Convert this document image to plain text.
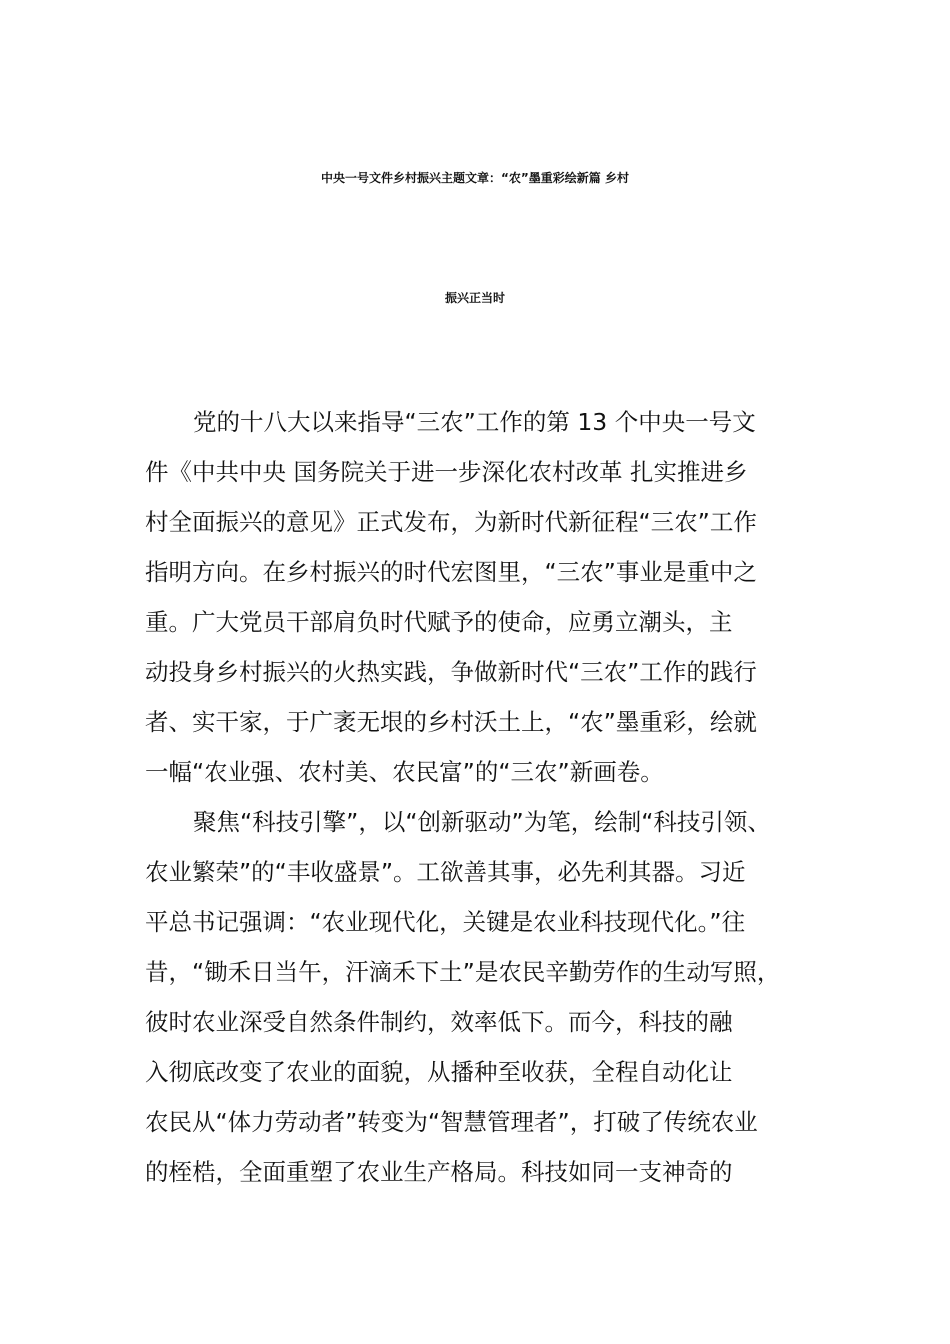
中央一号文件乡村振兴主题文章：“农”墨重彩绘新篇 乡村
振兴正当时
党的十八大以来指导“三农”工作的第 13 个中央一号文
件《中共中央 国务院关于进一步深化农村改革 扎实推进乡
村全面振兴的意见》正式发布，为新时代新征程“三农”工作
指明方向。在乡村振兴的时代宏图里，“三农”事业是重中之
重。广大党员干部肩负时代赋予的使命，应勇立潮头，主
动投身乡村振兴的火热实践，争做新时代“三农”工作的践行
者、实干家，于广袤无垠的乡村沃土上，“农”墨重彩，绘就
一幅“农业强、农村美、农民富”的“三农”新画卷。
聚焦“科技引擎”，以“创新驱动”为笔，绘制“科技引领、
农业繁荣”的“丰收盛景”。工欲善其事，必先利其器。习近
平总书记强调：“农业现代化，关键是农业科技现代化。”往
昔，“锄禾日当午，汗滴禾下土”是农民辛勤劳作的生动写照，
彼时农业深受自然条件制约，效率低下。而今，科技的融
入彻底改变了农业的面貌，从播种至收获，全程自动化让
农民从“体力劳动者”转变为“智慧管理者”，打破了传统农业
的桎梏，全面重塑了农业生产格局。科技如同一支神奇的
